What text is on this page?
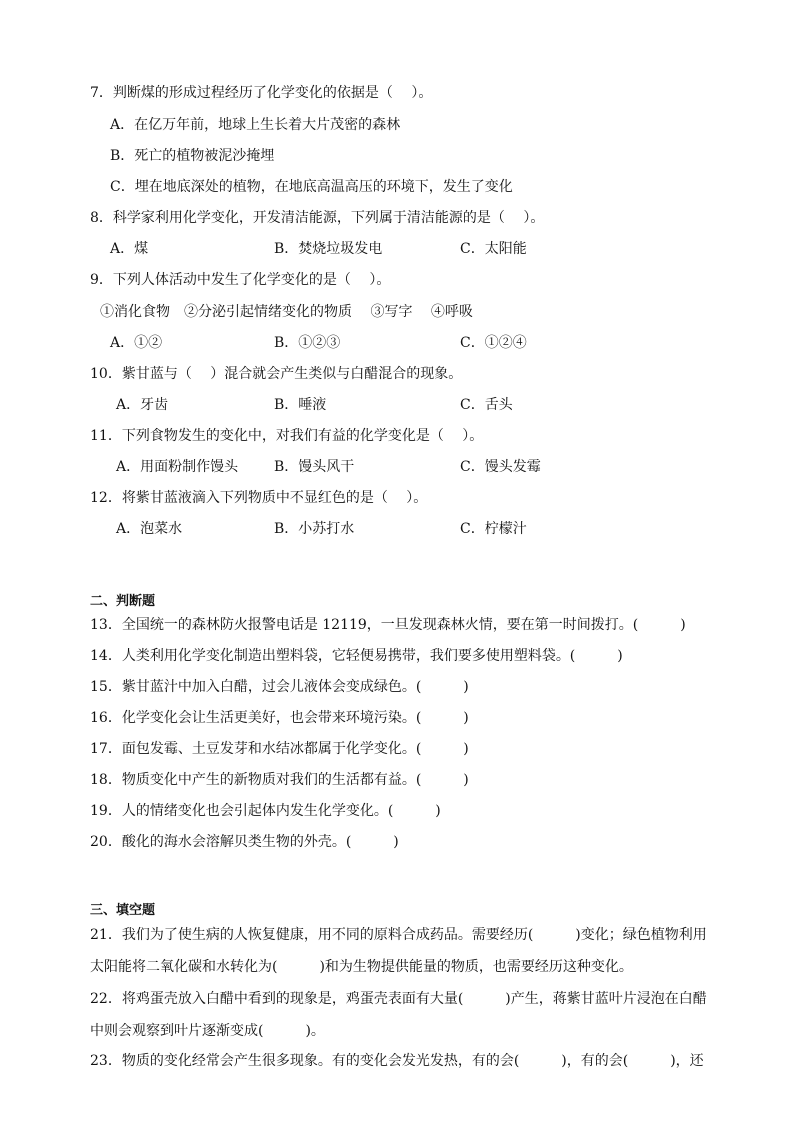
7．判断煤的形成过程经历了化学变化的依据是（　 ）。
A．在亿万年前，地球上生长着大片茂密的森林
B．死亡的植物被泥沙掩埋
C．埋在地底深处的植物，在地底高温高压的环境下，发生了变化
8．科学家利用化学变化，开发清洁能源，下列属于清洁能源的是（　 ）。
A．煤	B．焚烧垃圾发电	C．太阳能
9．下列人体活动中发生了化学变化的是（　 ）。
①消化食物　②分泌引起情绪变化的物质　 ③写字　 ④呼吸
A．①②	B．①②③	C．①②④
10．紫甘蓝与（　 ）混合就会产生类似与白醋混合的现象。
A．牙齿	B．唾液	C．舌头
11．下列食物发生的变化中，对我们有益的化学变化是（　 ）。
A．用面粉制作馒头	B．馒头风干	C．馒头发霉
12．将紫甘蓝液滴入下列物质中不显红色的是（　 ）。
A．泡菜水	B．小苏打水	C．柠檬汁
二、判断题
13．全国统一的森林防火报警电话是 12119，一旦发现森林火情，要在第一时间拨打。(　　　)
14．人类利用化学变化制造出塑料袋，它轻便易携带，我们要多使用塑料袋。(　　　)
15．紫甘蓝汁中加入白醋，过会儿液体会变成绿色。(　　　)
16．化学变化会让生活更美好，也会带来环境污染。(　　　)
17．面包发霉、土豆发芽和水结冰都属于化学变化。(　　　)
18．物质变化中产生的新物质对我们的生活都有益。(　　　)
19．人的情绪变化也会引起体内发生化学变化。(　　　)
20．酸化的海水会溶解贝类生物的外壳。(　　　)
三、填空题
21．我们为了使生病的人恢复健康，用不同的原料合成药品。需要经历(　　　)变化；绿色植物利用
太阳能将二氧化碳和水转化为(　　　)和为生物提供能量的物质，也需要经历这种变化。
22．将鸡蛋壳放入白醋中看到的现象是，鸡蛋壳表面有大量(　　　)产生，蒋紫甘蓝叶片浸泡在白醋
中则会观察到叶片逐渐变成(　　　)。
23．物质的变化经常会产生很多现象。有的变化会发光发热，有的会(　　　)，有的会(　　　)，还
